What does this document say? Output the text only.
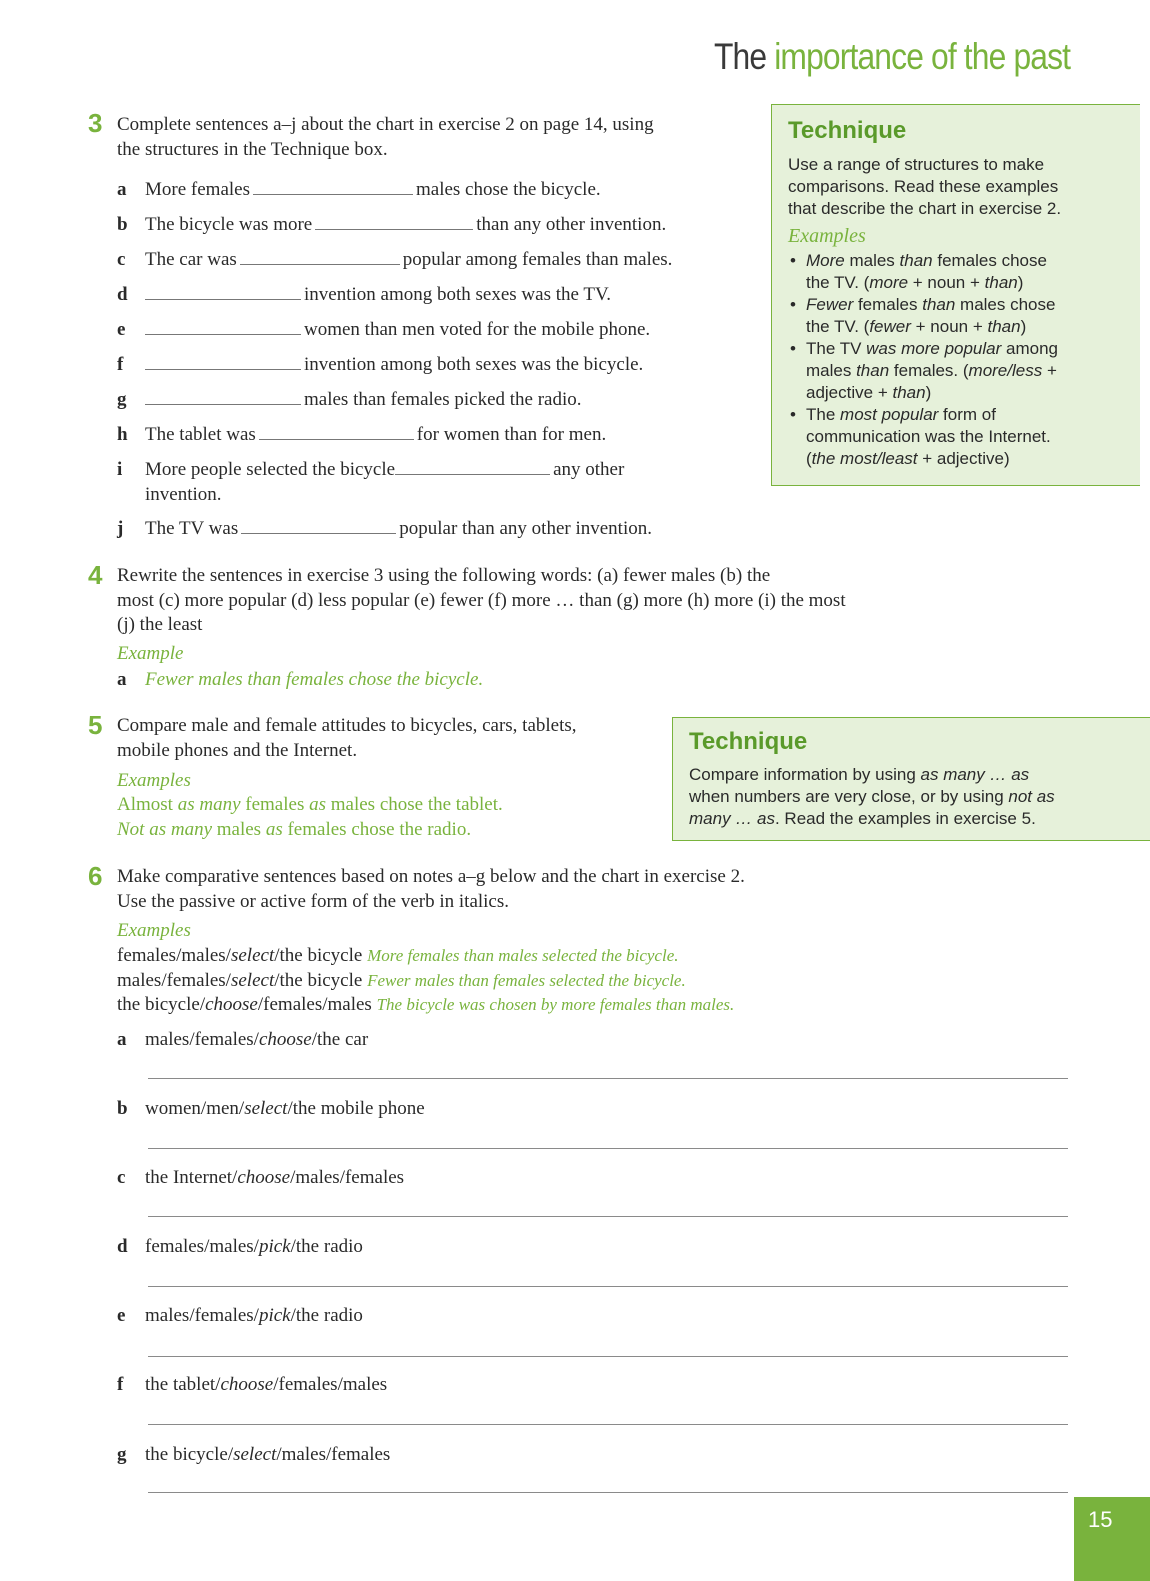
The importance of the past
3 Complete sentences a–j about the chart in exercise 2 on page 14, using
the structures in the Technique box.
a More females	males chose the bicycle.
b The bicycle was more	than any other invention.
c The car was	popular among females than males.
d	invention among both sexes was the TV.
e	women than men voted for the mobile phone.
f	invention among both sexes was the bicycle.
g	males than females picked the radio.
h The tablet was	for women than for men.
i More people selected the bicycle	any other
invention.
j The TV was	popular than any other invention.
Technique
Use a range of structures to make
comparisons. Read these examples
that describe the chart in exercise 2.
Examples
• More males than females chose
the TV. (more + noun + than)
• Fewer females than males chose
the TV. (fewer + noun + than)
• The TV was more popular among
males than females. (more/less +
adjective + than)
• The most popular form of
communication was the Internet.
(the most/least + adjective)
4 Rewrite the sentences in exercise 3 using the following words: (a) fewer males (b) the
most (c) more popular (d) less popular (e) fewer (f) more … than (g) more (h) more (i) the most
(j) the least
Example
a Fewer males than females chose the bicycle.
5 Compare male and female attitudes to bicycles, cars, tablets,
mobile phones and the Internet.
Examples
Almost as many females as males chose the tablet.
Not as many males as females chose the radio.
Technique
Compare information by using as many … as
when numbers are very close, or by using not as
many … as. Read the examples in exercise 5.
6 Make comparative sentences based on notes a–g below and the chart in exercise 2.
Use the passive or active form of the verb in italics.
Examples
females/males/select/the bicycle More females than males selected the bicycle.
males/females/select/the bicycle Fewer males than females selected the bicycle.
the bicycle/choose/females/males The bicycle was chosen by more females than males.
a males/females/choose/the car
b women/men/select/the mobile phone
c the Internet/choose/males/females
d females/males/pick/the radio
e males/females/pick/the radio
f the tablet/choose/females/males
g the bicycle/select/males/females
15
